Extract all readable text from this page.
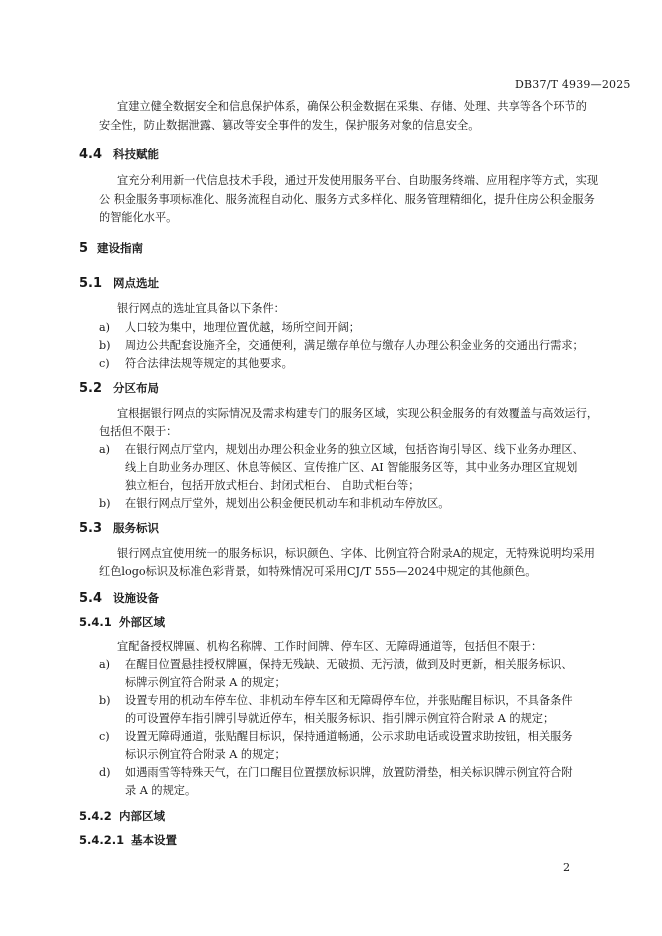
DB37/T 4939—2025
宜建立健全数据安全和信息保护体系，确保公积金数据在采集、存储、处理、共享等各个环节的
安全性，防止数据泄露、篡改等安全事件的发生，保护服务对象的信息安全。
4.4 科技赋能
宜充分利用新一代信息技术手段，通过开发使用服务平台、自助服务终端、应用程序等方式，实现
公 积金服务事项标准化、服务流程自动化、服务方式多样化、服务管理精细化，提升住房公积金服务
的智能化水平。
5 建设指南
5.1 网点选址
银行网点的选址宜具备以下条件：
a) 人口较为集中，地理位置优越，场所空间开阔；
b) 周边公共配套设施齐全，交通便利，满足缴存单位与缴存人办理公积金业务的交通出行需求；
c) 符合法律法规等规定的其他要求。
5.2 分区布局
宜根据银行网点的实际情况及需求构建专门的服务区域，实现公积金服务的有效覆盖与高效运行，
包括但不限于：
a) 在银行网点厅堂内，规划出办理公积金业务的独立区域，包括咨询引导区、线下业务办理区、
线上自助业务办理区、休息等候区、宣传推广区、AI 智能服务区等，其中业务办理区宜规划
独立柜台，包括开放式柜台、封闭式柜台、 自助式柜台等；
b) 在银行网点厅堂外，规划出公积金便民机动车和非机动车停放区。
5.3 服务标识
银行网点宜使用统一的服务标识，标识颜色、字体、比例宜符合附录A的规定，无特殊说明均采用
红色logo标识及标准色彩背景，如特殊情况可采用CJ/T 555—2024中规定的其他颜色。
5.4 设施设备
5.4.1 外部区域
宜配备授权牌匾、机构名称牌、工作时间牌、停车区、无障碍通道等，包括但不限于：
a) 在醒目位置悬挂授权牌匾，保持无残缺、无破损、无污渍，做到及时更新，相关服务标识、
标牌示例宜符合附录 A 的规定；
b) 设置专用的机动车停车位、非机动车停车区和无障碍停车位，并张贴醒目标识，不具备条件
的可设置停车指引牌引导就近停车，相关服务标识、指引牌示例宜符合附录 A 的规定；
c) 设置无障碍通道，张贴醒目标识，保持通道畅通，公示求助电话或设置求助按钮，相关服务
标识示例宜符合附录 A 的规定；
d) 如遇雨雪等特殊天气，在门口醒目位置摆放标识牌，放置防滑垫，相关标识牌示例宜符合附
录 A 的规定。
5.4.2 内部区域
5.4.2.1 基本设置
2
